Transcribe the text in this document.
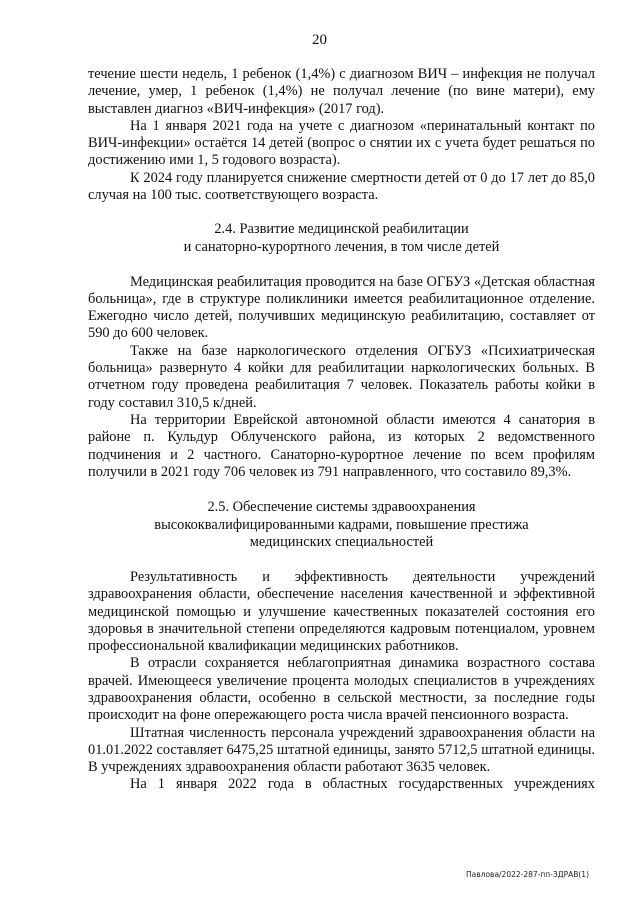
20

течение шести недель, 1 ребенок (1,4%) с диагнозом ВИЧ – инфекция не получал лечение, умер, 1 ребенок (1,4%) не получал лечение (по вине матери), ему выставлен диагноз «ВИЧ-инфекция» (2017 год).

На 1 января 2021 года на учете с диагнозом «перинатальный контакт по ВИЧ-инфекции» остаётся 14 детей (вопрос о снятии их с учета будет решаться по достижению ими 1, 5 годового возраста).

К 2024 году планируется снижение смертности детей от 0 до 17 лет до 85,0 случая на 100 тыс. соответствующего возраста.

2.4. Развитие медицинской реабилитации
и санаторно-курортного лечения, в том числе детей

Медицинская реабилитация проводится на базе ОГБУЗ «Детская областная больница», где в структуре поликлиники имеется реабилитационное отделение. Ежегодно число детей, получивших медицинскую реабилитацию, составляет от 590 до 600 человек.

Также на базе наркологического отделения ОГБУЗ «Психиатрическая больница» развернуто 4 койки для реабилитации наркологических больных. В отчетном году проведена реабилитация 7 человек. Показатель работы койки в году составил 310,5 к/дней.

На территории Еврейской автономной области имеются 4 санатория в районе п. Кульдур Облученского района, из которых 2 ведомственного подчинения и 2 частного. Санаторно-курортное лечение по всем профилям получили в 2021 году 706 человек из 791 направленного, что составило 89,3%.

2.5. Обеспечение системы здравоохранения
высококвалифицированными кадрами, повышение престижа
медицинских специальностей

Результативность и эффективность деятельности учреждений здравоохранения области, обеспечение населения качественной и эффективной медицинской помощью и улучшение качественных показателей состояния его здоровья в значительной степени определяются кадровым потенциалом, уровнем профессиональной квалификации медицинских работников.

В отрасли сохраняется неблагоприятная динамика возрастного состава врачей. Имеющееся увеличение процента молодых специалистов в учреждениях здравоохранения области, особенно в сельской местности, за последние годы происходит на фоне опережающего роста числа врачей пенсионного возраста.

Штатная численность персонала учреждений здравоохранения области на 01.01.2022 составляет 6475,25 штатной единицы, занято 5712,5 штатной единицы. В учреждениях здравоохранения области работают 3635 человек.

На 1 января 2022 года в областных государственных учреждениях

Павлова/2022-287-пп-ЗДРАВ(1)
